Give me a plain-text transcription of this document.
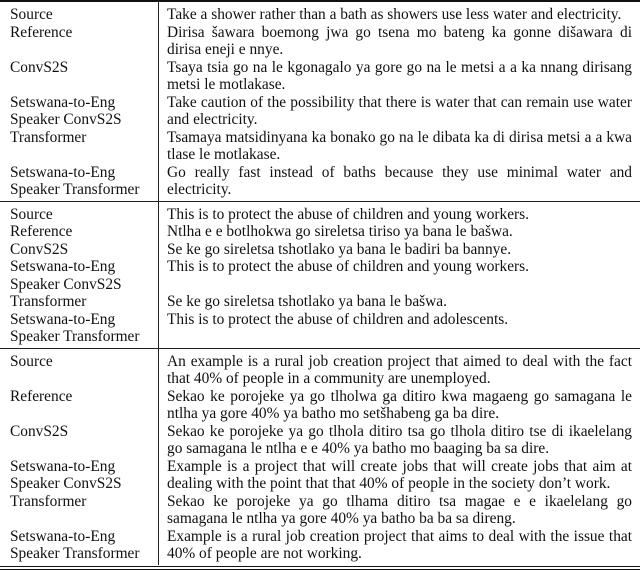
Source	Take a shower rather than a bath as showers use less water and electricity.

Reference	Dirisa šawara boemong jwa go tsena mo bateng ka gonne dišawara di dirisa eneji e nnye.

ConvS2S	Tsaya tsia go na le kgonagalo ya gore go na le metsi a a ka nnang dirisang metsi le motlakase.

Setswana-to-Eng
Speaker ConvS2S	Take caution of the possibility that there is water that can remain use water and electricity.

Transformer	Tsamaya matsidinyana ka bonako go na le dibata ka di dirisa metsi a a kwa tlase le motlakase.

Setswana-to-Eng
Speaker Transformer	Go really fast instead of baths because they use minimal water and electricity.

Source	This is to protect the abuse of children and young workers.

Reference	Ntlha e e botlhokwa go sireletsa tiriso ya bana le bašwa.

ConvS2S	Se ke go sireletsa tshotlako ya bana le badiri ba bannye.

Setswana-to-Eng
Speaker ConvS2S	This is to protect the abuse of children and young workers.

Transformer	Se ke go sireletsa tshotlako ya bana le bašwa.

Setswana-to-Eng
Speaker Transformer	This is to protect the abuse of children and adolescents.

Source	An example is a rural job creation project that aimed to deal with the fact that 40% of people in a community are unemployed.

Reference	Sekao ke porojeke ya go tlholwa ga ditiro kwa magaeng go samagana le ntlha ya gore 40% ya batho mo setšhabeng ga ba dire.

ConvS2S	Sekao ke porojeke ya go tlhola ditiro tsa go tlhola ditiro tse di ikaelelang go samagana le ntlha e e 40% ya batho mo baaging ba sa dire.

Setswana-to-Eng
Speaker ConvS2S	Example is a project that will create jobs that will create jobs that aim at dealing with the point that that 40% of people in the society don’t work.

Transformer	Sekao ke porojeke ya go tlhama ditiro tsa magae e e ikaelelang go samagana le ntlha ya gore 40% ya batho ba ba sa direng.

Setswana-to-Eng
Speaker Transformer	Example is a rural job creation project that aims to deal with the issue that 40% of people are not working.
